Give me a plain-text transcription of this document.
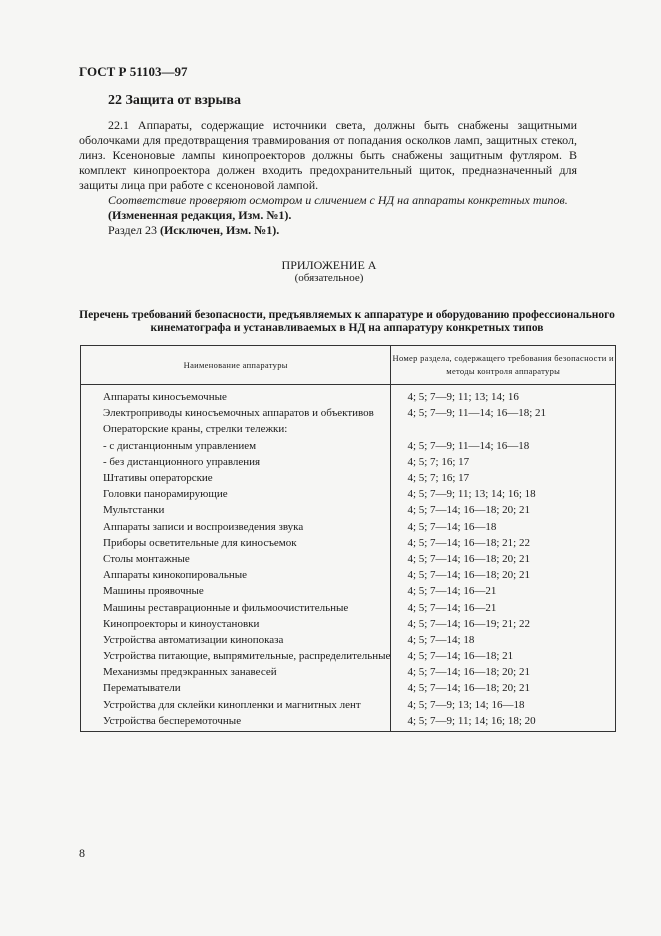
ГОСТ Р 51103—97
22 Защита от взрыва

22.1 Аппараты, содержащие источники света, должны быть снабжены защитными оболочками для предотвращения травмирования от попадания осколков ламп, защитных стекол, линз. Ксеноновые лампы кинопроекторов должны быть снабжены защитным футляром. В комплект кинопроектора должен входить предохранительный щиток, предназначенный для защиты лица при работе с ксеноновой лампой.

Соответствие проверяют осмотром и сличением с НД на аппараты конкретных типов.

(Измененная редакция, Изм. №1).

Раздел 23 (Исключен, Изм. №1).

ПРИЛОЖЕНИЕ А
(обязательное)
Перечень требований безопасности, предъявляемых к аппаратуре и оборудованию профессионального кинематографа и устанавливаемых в НД на аппаратуру конкретных типов
Наименование аппаратуры	Номер раздела, содержащего требования безопасности и методы контроля аппаратуры
Аппараты киносъемочные	4; 5; 7—9; 11; 13; 14; 16
Электроприводы киносъемочных аппаратов и объективов	4; 5; 7—9; 11—14; 16—18; 21
Операторские краны, стрелки тележки:	
- с дистанционным управлением	4; 5; 7—9; 11—14; 16—18
- без дистанционного управления	4; 5; 7; 16; 17
Штативы операторские	4; 5; 7; 16; 17
Головки панорамирующие	4; 5; 7—9; 11; 13; 14; 16; 18
Мультстанки	4; 5; 7—14; 16—18; 20; 21
Аппараты записи и воспроизведения звука	4; 5; 7—14; 16—18
Приборы осветительные для киносъемок	4; 5; 7—14; 16—18; 21; 22
Столы монтажные	4; 5; 7—14; 16—18; 20; 21
Аппараты кинокопировальные	4; 5; 7—14; 16—18; 20; 21
Машины проявочные	4; 5; 7—14; 16—21
Машины реставрационные и фильмоочистительные	4; 5; 7—14; 16—21
Кинопроекторы и киноустановки	4; 5; 7—14; 16—19; 21; 22
Устройства автоматизации кинопоказа	4; 5; 7—14; 18
Устройства питающие, выпрямительные, распределительные	4; 5; 7—14; 16—18; 21
Механизмы предэкранных занавесей	4; 5; 7—14; 16—18; 20; 21
Перематыватели	4; 5; 7—14; 16—18; 20; 21
Устройства для склейки кинопленки и магнитных лент	4; 5; 7—9; 13; 14; 16—18
Устройства бесперемоточные	4; 5; 7—9; 11; 14; 16; 18; 20
8
